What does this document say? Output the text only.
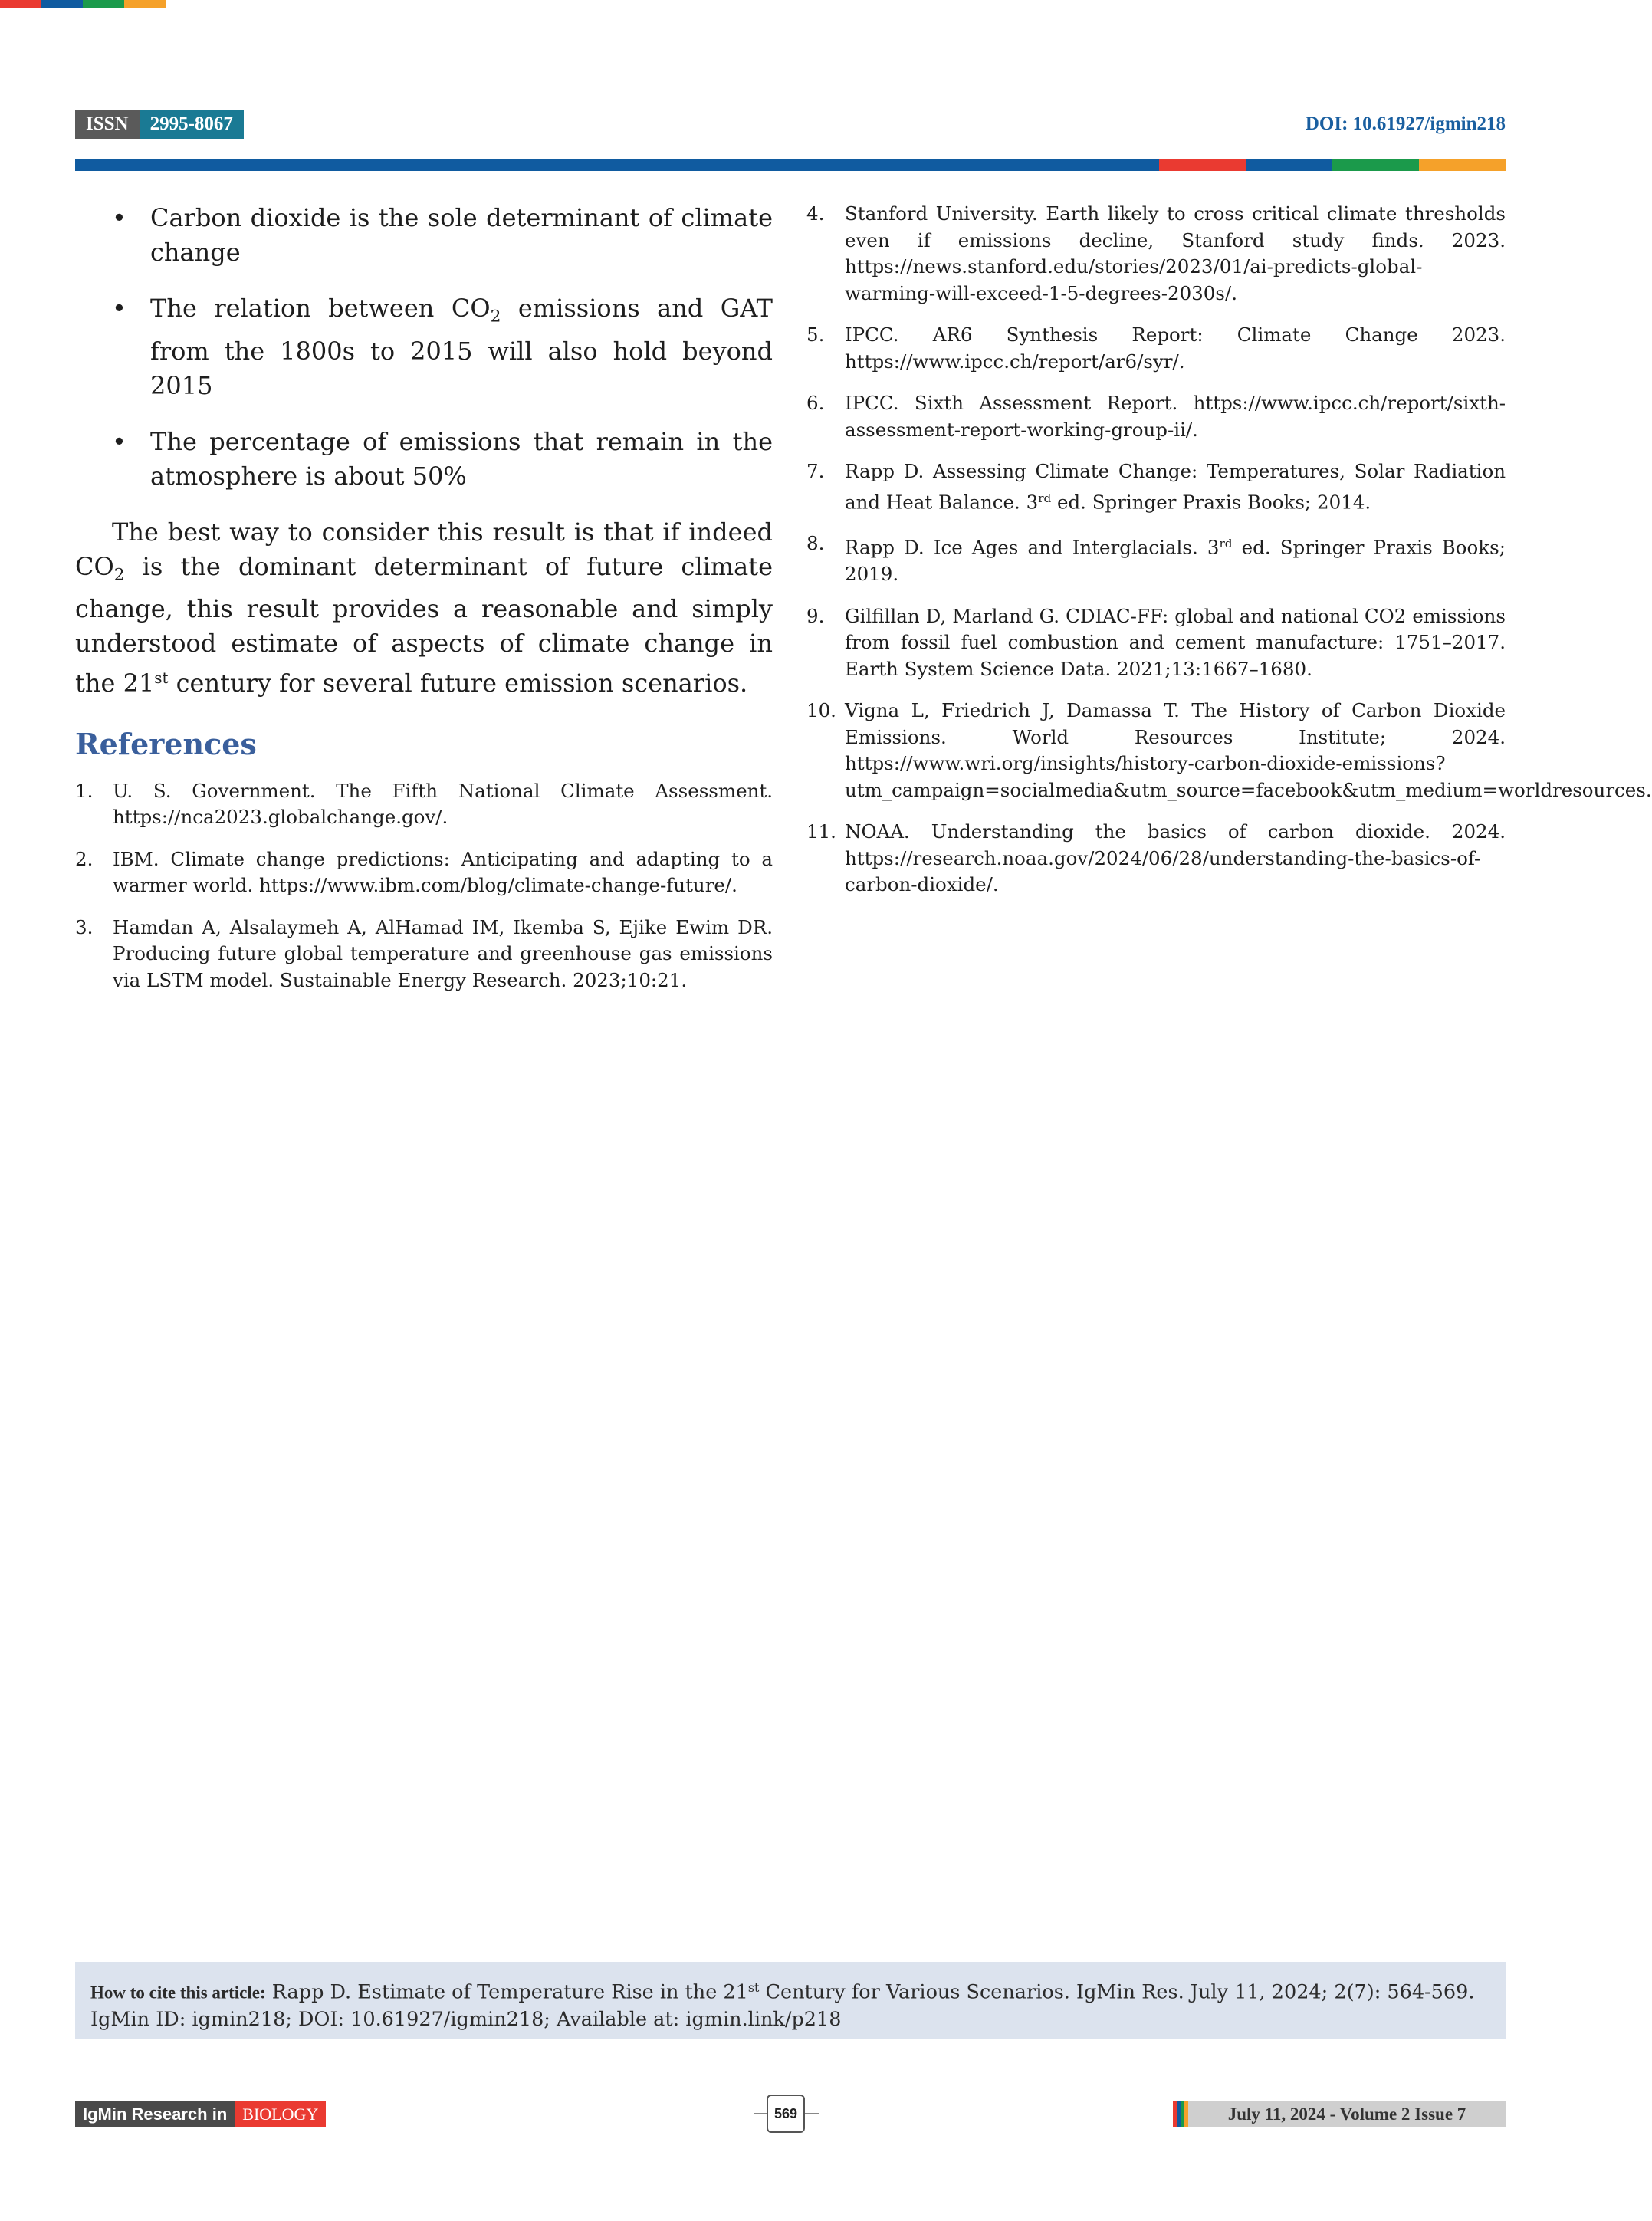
ISSN	2995-8067	DOI: 10.61927/igmin218
• Carbon dioxide is the sole determinant of climate change
• The relation between $CO_2$ emissions and GAT from the 1800s to 2015 will also hold beyond 2015
• The percentage of emissions that remain in the atmosphere is about 50%

The best way to consider this result is that if indeed $CO_2$ is the dominant determinant of future climate change, this result provides a reasonable and simply understood estimate of aspects of climate change in the 21st century for several future emission scenarios.

References
1. U. S. Government. The Fifth National Climate Assessment. https://nca2023.globalchange.gov/.
2. IBM. Climate change predictions: Anticipating and adapting to a warmer world. https://www.ibm.com/blog/climate-change-future/.
3. Hamdan A, Alsalaymeh A, AlHamad IM, Ikemba S, Ejike Ewim DR. Producing future global temperature and greenhouse gas emissions via LSTM model. Sustainable Energy Research. 2023;10:21.
4. Stanford University. Earth likely to cross critical climate thresholds even if emissions decline, Stanford study finds. 2023. https://news.stanford.edu/stories/2023/01/ai-predicts-global-warming-will-exceed-1-5-degrees-2030s/.
5. IPCC. AR6 Synthesis Report: Climate Change 2023. https://www.ipcc.ch/report/ar6/syr/.
6. IPCC. Sixth Assessment Report. https://www.ipcc.ch/report/sixth-assessment-report-working-group-ii/.
7. Rapp D. Assessing Climate Change: Temperatures, Solar Radiation and Heat Balance. 3rd ed. Springer Praxis Books; 2014.
8. Rapp D. Ice Ages and Interglacials. 3rd ed. Springer Praxis Books; 2019.
9. Gilfillan D, Marland G. CDIAC-FF: global and national CO2 emissions from fossil fuel combustion and cement manufacture: 1751–2017. Earth System Science Data. 2021;13:1667–1680.
10. Vigna L, Friedrich J, Damassa T. The History of Carbon Dioxide Emissions. World Resources Institute; 2024. https://www.wri.org/insights/history-carbon-dioxide-emissions?utm_campaign=socialmedia&utm_source=facebook&utm_medium=worldresources.
11. NOAA. Understanding the basics of carbon dioxide. 2024. https://research.noaa.gov/2024/06/28/understanding-the-basics-of-carbon-dioxide/.
How to cite this article: Rapp D. Estimate of Temperature Rise in the 21st Century for Various Scenarios. IgMin Res. July 11, 2024; 2(7): 564-569. IgMin ID: igmin218; DOI: 10.61927/igmin218; Available at: igmin.link/p218
IgMin Research in BIOLOGY	569	July 11, 2024 - Volume 2 Issue 7
